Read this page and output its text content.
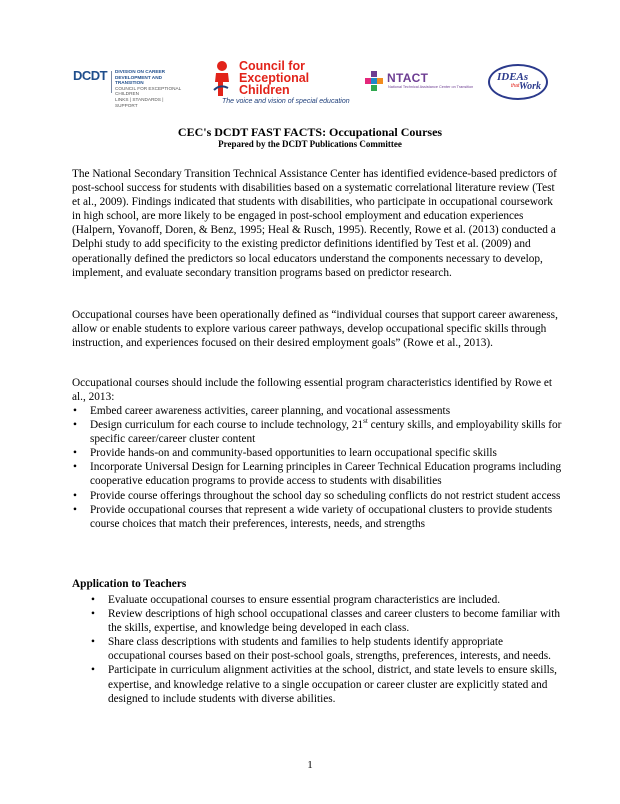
DCDT DIVISION ON CAREER
DEVELOPMENT AND TRANSITION
COUNCIL FOR EXCEPTIONAL CHILDREN
LINKS | STANDARDS | SUPPORT
Council for
Exceptional
Children
The voice and vision of special education
NTACT
National Technical Assistance Center on Transition
IDEAs
that Work
CEC's DCDT FAST FACTS: Occupational Courses
Prepared by the DCDT Publications Committee

The National Secondary Transition Technical Assistance Center has identified evidence-based predictors of post-school success for students with disabilities based on a systematic correlational literature review (Test et al., 2009). Findings indicated that students with disabilities, who participate in occupational coursework in high school, are more likely to be engaged in post-school employment and education experiences (Halpern, Yovanoff, Doren, & Benz, 1995; Heal & Rusch, 1995). Recently, Rowe et al. (2013) conducted a Delphi study to add specificity to the existing predictor definitions identified by Test et al. (2009) and operationally defined the predictors so local educators understand the components necessary to develop, implement, and evaluate secondary transition programs based on predictor research.

Occupational courses have been operationally defined as “individual courses that support career awareness, allow or enable students to explore various career pathways, develop occupational specific skills through instruction, and experiences focused on their desired employment goals” (Rowe et al., 2013).

Occupational courses should include the following essential program characteristics identified by Rowe et al., 2013:

• Embed career awareness activities, career planning, and vocational assessments
• Design curriculum for each course to include technology, 21st century skills, and employability skills for specific career/career cluster content
• Provide hands-on and community-based opportunities to learn occupational specific skills
• Incorporate Universal Design for Learning principles in Career Technical Education programs including cooperative education programs to provide access to students with disabilities
• Provide course offerings throughout the school day so scheduling conflicts do not restrict student access
• Provide occupational courses that represent a wide variety of occupational clusters to provide students course choices that match their preferences, interests, needs, and strengths
Application to Teachers
• Evaluate occupational courses to ensure essential program characteristics are included.
• Review descriptions of high school occupational classes and career clusters to become familiar with the skills, expertise, and knowledge being developed in each class.
• Share class descriptions with students and families to help students identify appropriate occupational courses based on their post-school goals, strengths, preferences, interests, and needs.
• Participate in curriculum alignment activities at the school, district, and state levels to ensure skills, expertise, and knowledge relative to a single occupation or career cluster are explicitly stated and designed to include students with diverse abilities.
1
